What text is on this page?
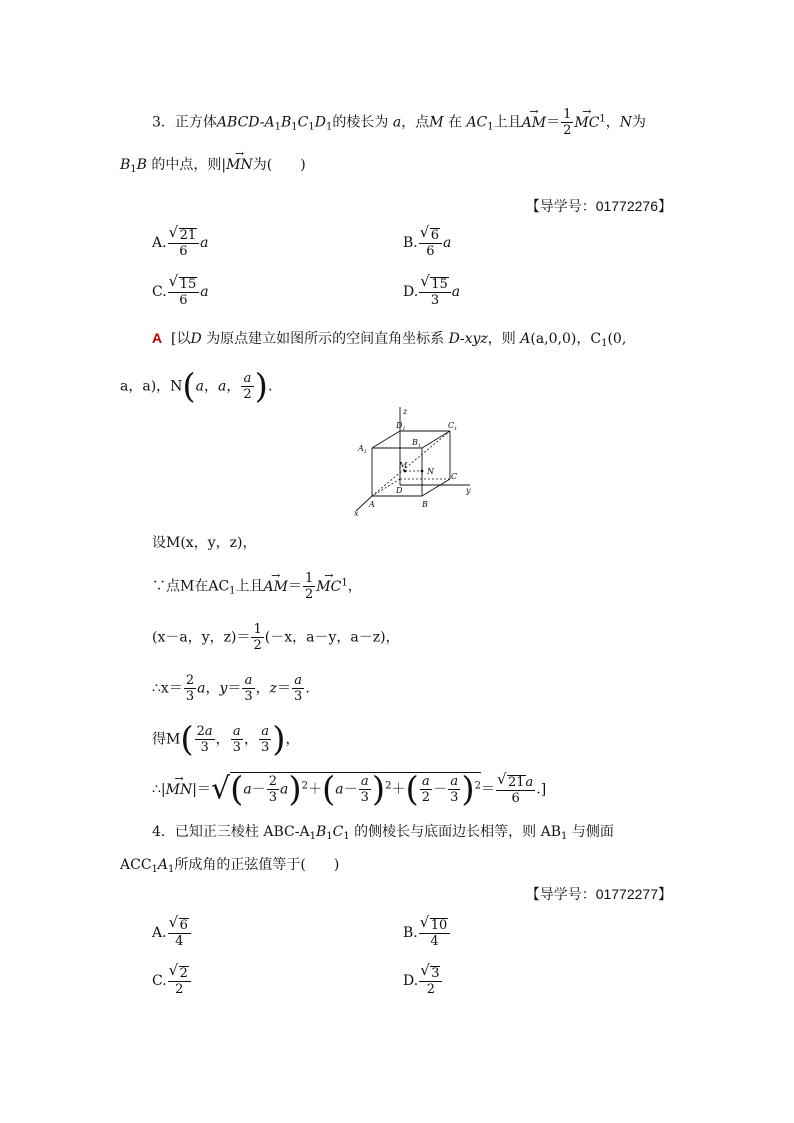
3．正方体ABCD-$A_1B_1C_1D_1$的棱长为 a，点M 在 $AC_1$上且→ $AM= \frac{1}{2}$
→ $MC^1$，N为
$B_1B$ 的中点，则|→ MN为(　　)
【导学号：01772276】
A.
√ $\frac{21}{6}$ a	B.
√ $\frac{6}{6}$ a
C.
√ $\frac{15}{6}$ a	D.
√ $\frac{15}{3}$ a
A [以D 为原点建立如图所示的空间直角坐标系 D-xyz，则 A(a,0,0)，$C_1(0$,
a，a)，N(a，a， $\frac{a}{2}$ ).
z
y
x
$D_1$	$C_1$
$B_1$
$A_1$
M
N
D
C
A	B
设M(x，y，z)，
∵点M在$AC_1$上且→ $AM= \frac{1}{2}$
→ $MC^1$，
(x－a，y，$z)= \frac{1}{2} (-x$，a－y，a－z)，
∴x＝ $\frac{2}{3}$ a，$y= \frac{a}{3}$ ，$z= \frac{a}{3}$ .
得$M( \frac{2a}{3}$ ， $\frac{a}{3}$ ， $\frac{a}{3}$ )，
∴|→ $MN|=√(a- \frac{2}{3} a)^2+(a- \frac{a}{3} )^2+( \frac{a}{2} - \frac{a}{3} )^2=$
√ $\frac{21a}{6}$ .]
4．已知正三棱柱 ABC-$A_1B_1C_1$ 的侧棱长与底面边长相等，则 $AB_1$ 与侧面
$ACC_1A_1$所成角的正弦值等于(　　)
【导学号：01772277】
A.
√ $\frac{6}{4}$	B.
√ $\frac{10}{4}$
C.
√ $\frac{2}{2}$	D.
√ $\frac{3}{2}$
